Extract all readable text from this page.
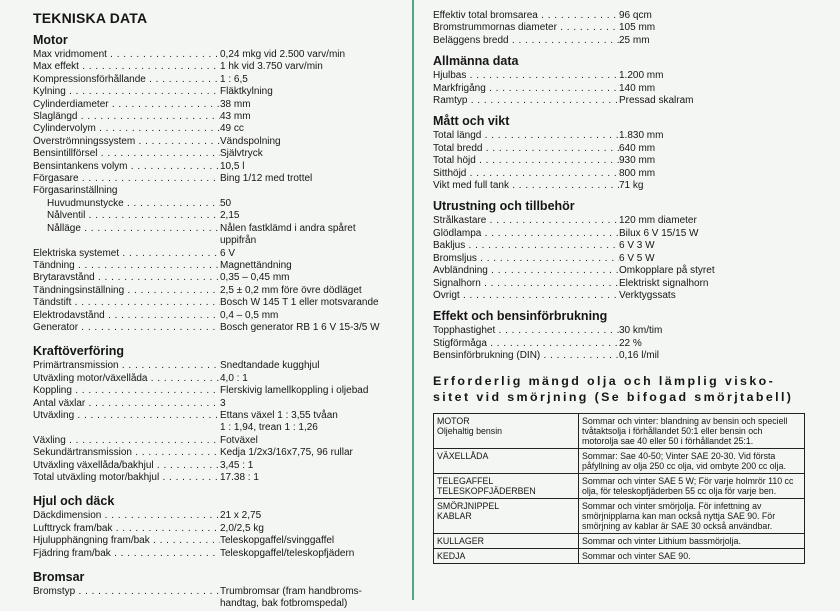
TEKNISKA DATA
Motor
Max vridmoment . . .	0,24 mkg vid 2.500 varv/min
Max effekt . . .	1 hk vid 3.750 varv/min
Kompressionsförhållande . . .	1 : 6,5
Kylning . . .	Fläktkylning
Cylinderdiameter . . .	38 mm
Slaglängd . . .	43 mm
Cylindervolym . . .	49 cc
Överströmningssystem . . .	Vändspolning
Bensintillförsel . . .	Självtryck
Bensintankens volym . . .	10,5 l
Förgasare . . .	Bing 1/12 med trottel
Förgasarinställning
Huvudmunstycke . . .	50
Nålventil . . .	2,15
Nålläge . . .	Nålen fastklämd i andra spåret
uppifrån
Elektriska systemet . . .	6 V
Tändning . . .	Magnettändning
Brytaravstånd . . .	0,35 – 0,45 mm
Tändningsinställning . . .	2,5 ± 0,2 mm före övre dödläget
Tändstift . . .	Bosch W 145 T 1 eller motsvarande
Elektrodavstånd . . .	0,4 – 0,5 mm
Generator . . .	Bosch generator RB 1 6 V 15-3/5 W
Kraftöverföring
Primärtransmission . . .	Snedtandade kugghjul
Utväxling motor/växellåda . . .	4,0 : 1
Koppling . . .	Flerskivig lamellkoppling i oljebad
Antal växlar . . .	3
Utväxling . . .	Ettans växel 1 : 3,55 tvåan
1 : 1,94, trean 1 : 1,26
Växling . . .	Fotväxel
Sekundärtransmission . . .	Kedja 1/2x3/16x7,75, 96 rullar
Utväxling växellåda/bakhjul . . .	3,45 : 1
Total utväxling motor/bakhjul . . .	17.38 : 1
Hjul och däck
Däckdimension . . .	21 x 2,75
Lufttryck fram/bak . . .	2,0/2,5 kg
Hjulupphängning fram/bak . . .	Teleskopgaffel/svinggaffel
Fjädring fram/bak . . .	Teleskopgaffel/teleskopfjädern
Bromsar
Bromstyp . . .	Trumbromsar (fram handbroms-
handtag, bak fotbromspedal)
Effektiv total bromsarea . . .	96 qcm
Bromstrummornas diameter . . .	105 mm
Beläggens bredd . . .	25 mm
Allmänna data
Hjulbas . . .	1.200 mm
Markfrigång . . .	140 mm
Ramtyp . . .	Pressad skalram
Mått och vikt
Total längd . . .	1.830 mm
Total bredd . . .	640 mm
Total höjd . . .	930 mm
Sitthöjd . . .	800 mm
Vikt med full tank . . .	71 kg
Utrustning och tillbehör
Strålkastare . . .	120 mm diameter
Glödlampa . . .	Bilux 6 V 15/15 W
Bakljus . . .	6 V 3 W
Bromsljus . . .	6 V 5 W
Avbländning . . .	Omkopplare på styret
Signalhorn . . .	Elektriskt signalhorn
Övrigt . . .	Verktygssats
Effekt och bensinförbrukning
Topphastighet . . .	30 km/tim
Stigförmåga . . .	22 %
Bensinförbrukning (DIN) . . .	0,16 l/mil
Erforderlig mängd olja och lämplig visko-
sitet vid smörjning (Se bifogad smörjtabell)
MOTOR
Oljehaltig bensin	Sommar och vinter: blandning av bensin och speciell tvåtaktsolja i förhållandet 50:1 eller bensin och motorolja sae 40 eller 50 i förhållandet 25:1.

VÄXELLÅDA	Sommar: Sae 40-50; Vinter SAE 20-30. Vid första påfyllning av olja 250 cc olja, vid ombyte 200 cc olja.

TELEGAFFEL
TELESKOPFJÄDERBEN	Sommar och vinter SAE 5 W; För varje holmrör 110 cc olja, för teleskopfjäderben 55 cc olja för varje ben.

SMÖRJNIPPEL
KABLAR	Sommar och vinter smörjolja. För infettning av smörjnipplarna kan man också nyttja SAE 90. För smörjning av kablar är SAE 30 också användbar.

KULLAGER	Sommar och vinter Lithium bassmörjolja.

KEDJA	Sommar och vinter SAE 90.
